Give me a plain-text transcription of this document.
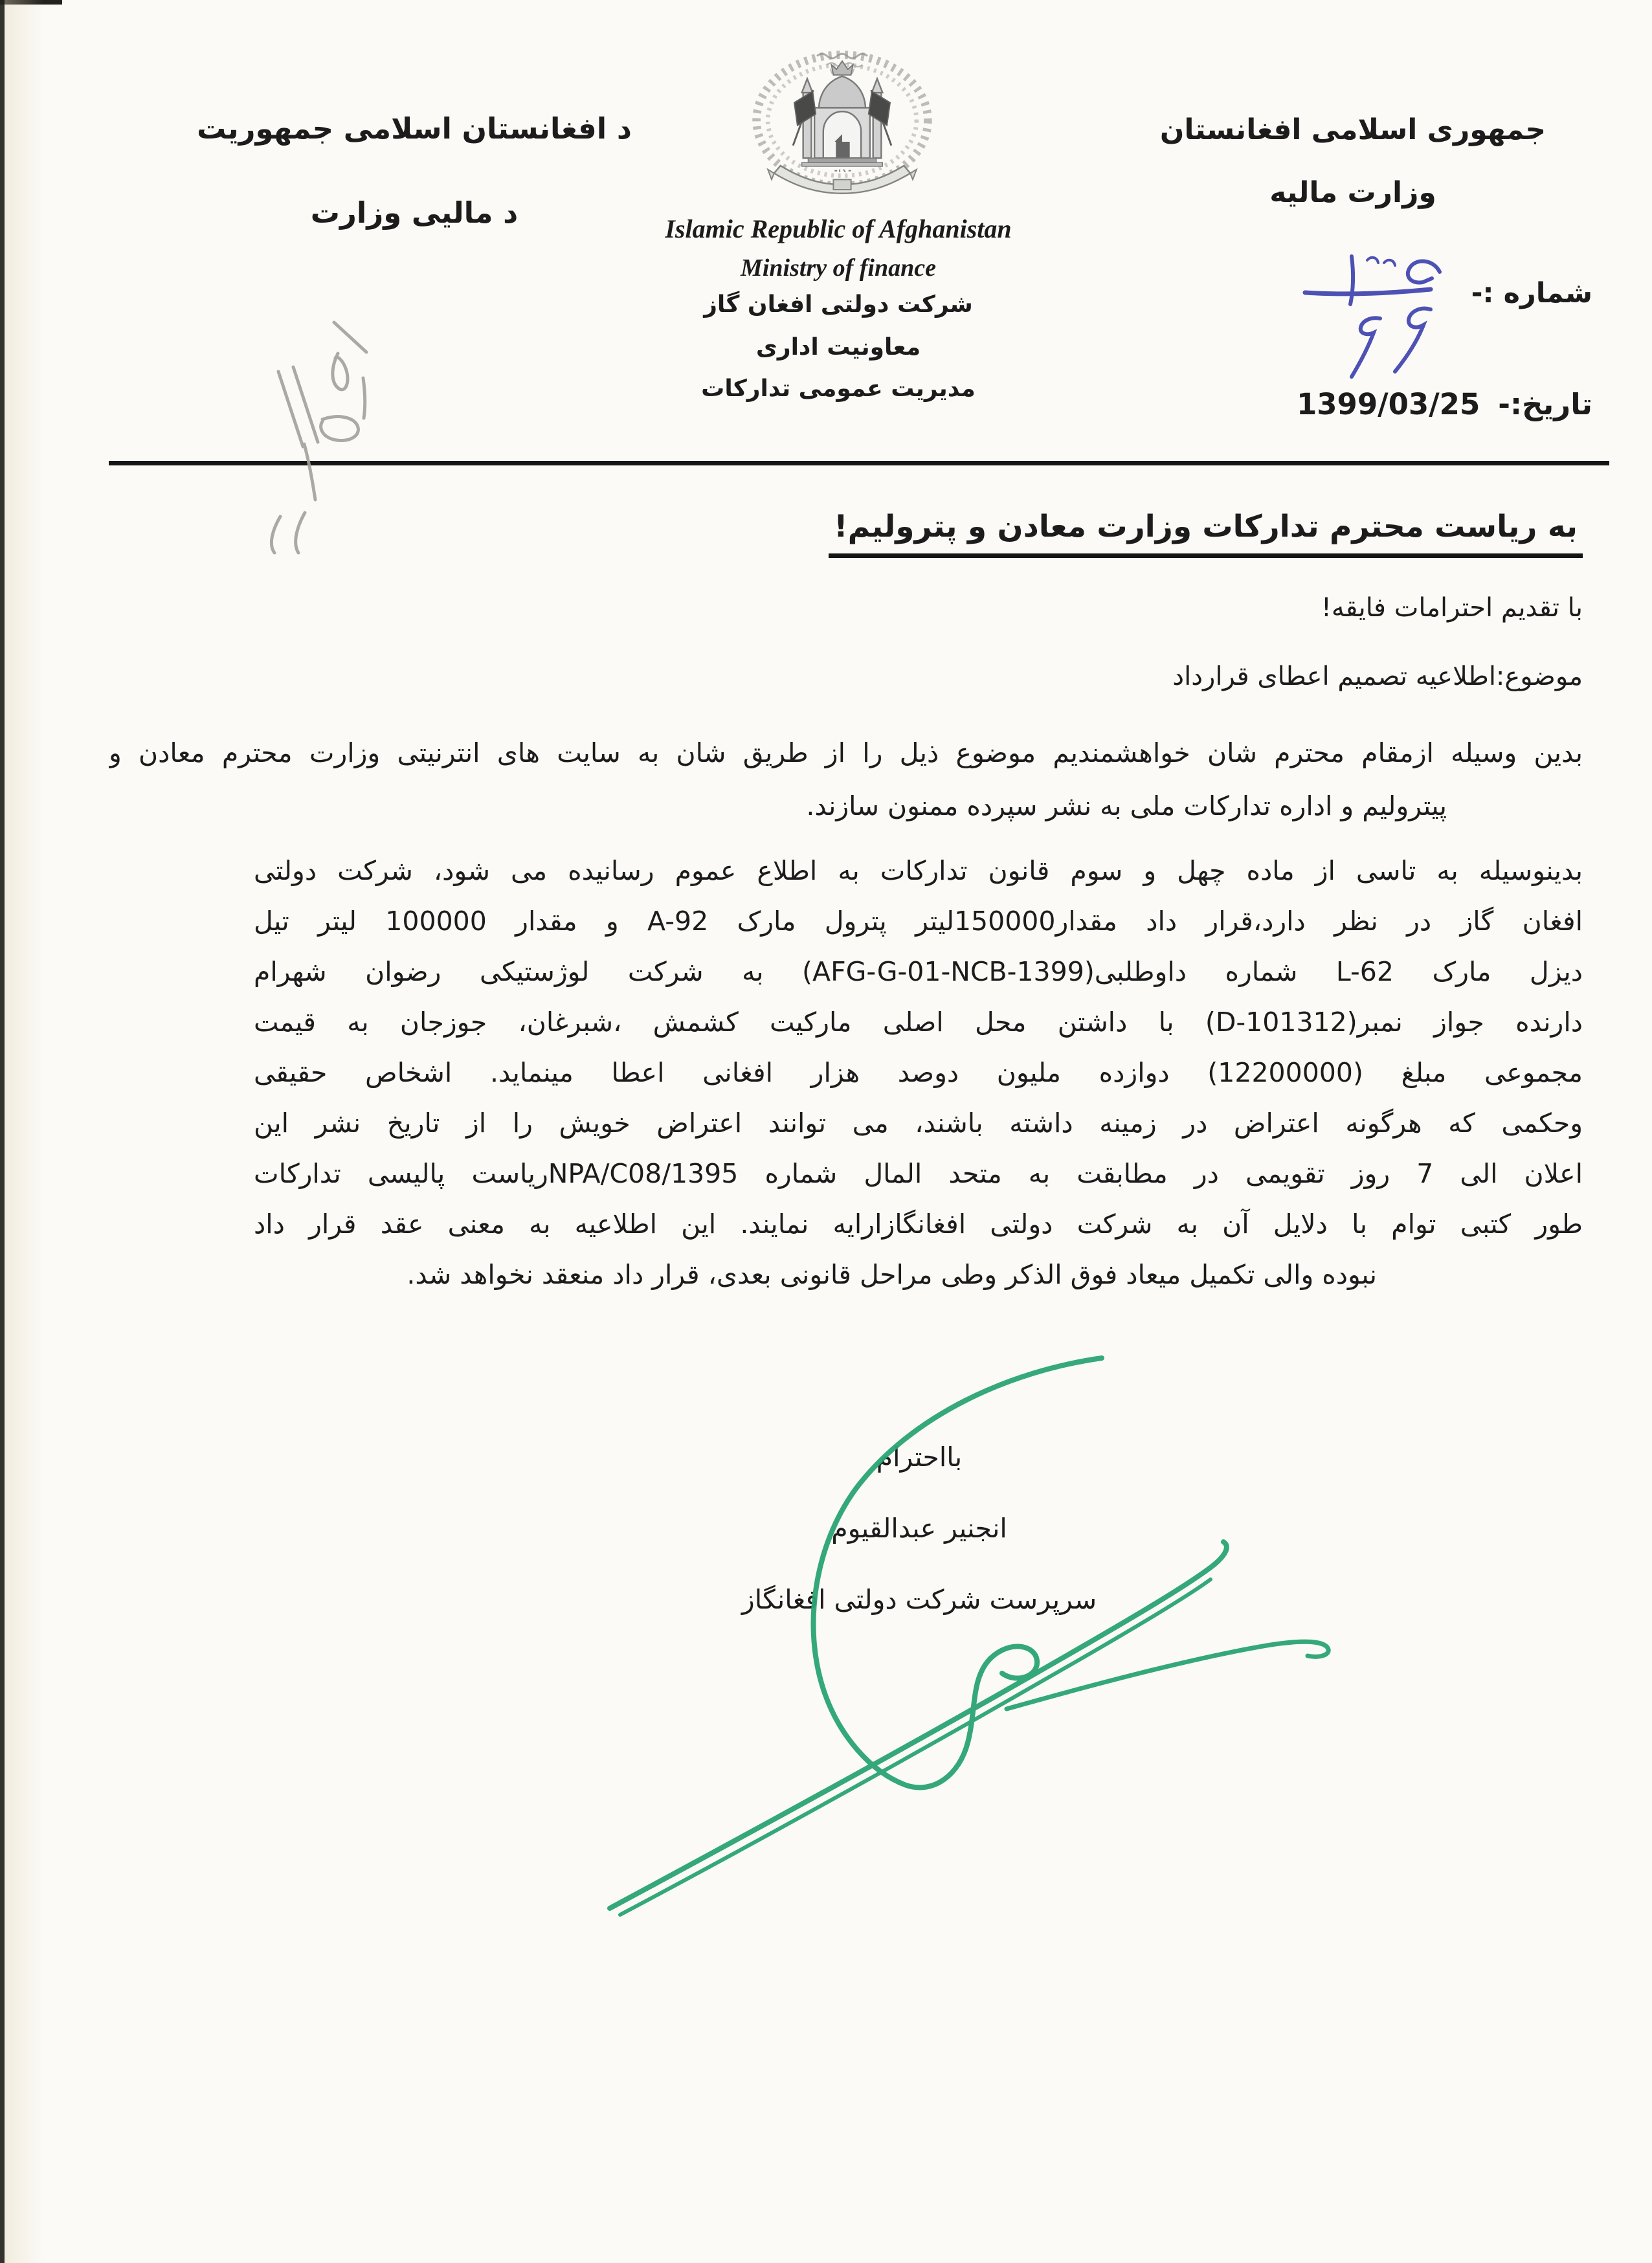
د افغانستان اسلامی جمهوریت
د مالیی وزارت
جمهوری اسلامی افغانستان
وزارت مالیه
شماره :-
تاریخ:-
1399/03/25
Islamic Republic of Afghanistan
Ministry of finance
شرکت دولتی افغان گاز
معاونیت اداری
مدیریت عمومی تدارکات
به ریاست محترم تدارکات وزارت معادن و پترولیم!
با تقدیم احترامات فایقه!
موضوع:اطلاعیه تصمیم اعطای قرارداد
بدین وسیله ازمقام محترم شان خواهشمندیم موضوع ذیل را از طریق شان به سایت های انترنیتی وزارت محترم معادن و
پیترولیم و اداره تدارکات ملی به نشر سپرده ممنون سازند.
بدینوسیله به تاسی از ماده چهل و سوم قانون تدارکات به اطلاع عموم رسانیده می شود، شرکت دولتی
افغان گاز در نظر دارد،قرار داد مقدار150000لیتر پترول مارک A-92 و مقدار 100000 لیتر تیل
دیزل مارک L-62 شماره داوطلبی(AFG-G-01-NCB-1399) به شرکت لوژستیکی رضوان شهرام
دارنده جواز نمبر(D-101312) با داشتن محل اصلی مارکیت کشمش ،شبرغان، جوزجان به قیمت
مجموعی مبلغ (12200000) دوازده ملیون دوصد هزار افغانی اعطا مینماید. اشخاص حقیقی
وحکمی که هرگونه اعتراض در زمینه داشته باشند، می توانند اعتراض خویش را از تاریخ نشر این
اعلان الی 7 روز تقویمی در مطابقت به متحد المال شماره NPA/C08/1395ریاست پالیسی تدارکات
طور کتبی توام با دلایل آن به شرکت دولتی افغانگازارایه نمایند. این اطلاعیه به معنی عقد قرار داد
نبوده والی تکمیل میعاد فوق الذکر وطی مراحل قانونی بعدی، قرار داد منعقد نخواهد شد.
بااحترام
انجنیر عبدالقیوم
سرپرست شرکت دولتی افغانگاز
